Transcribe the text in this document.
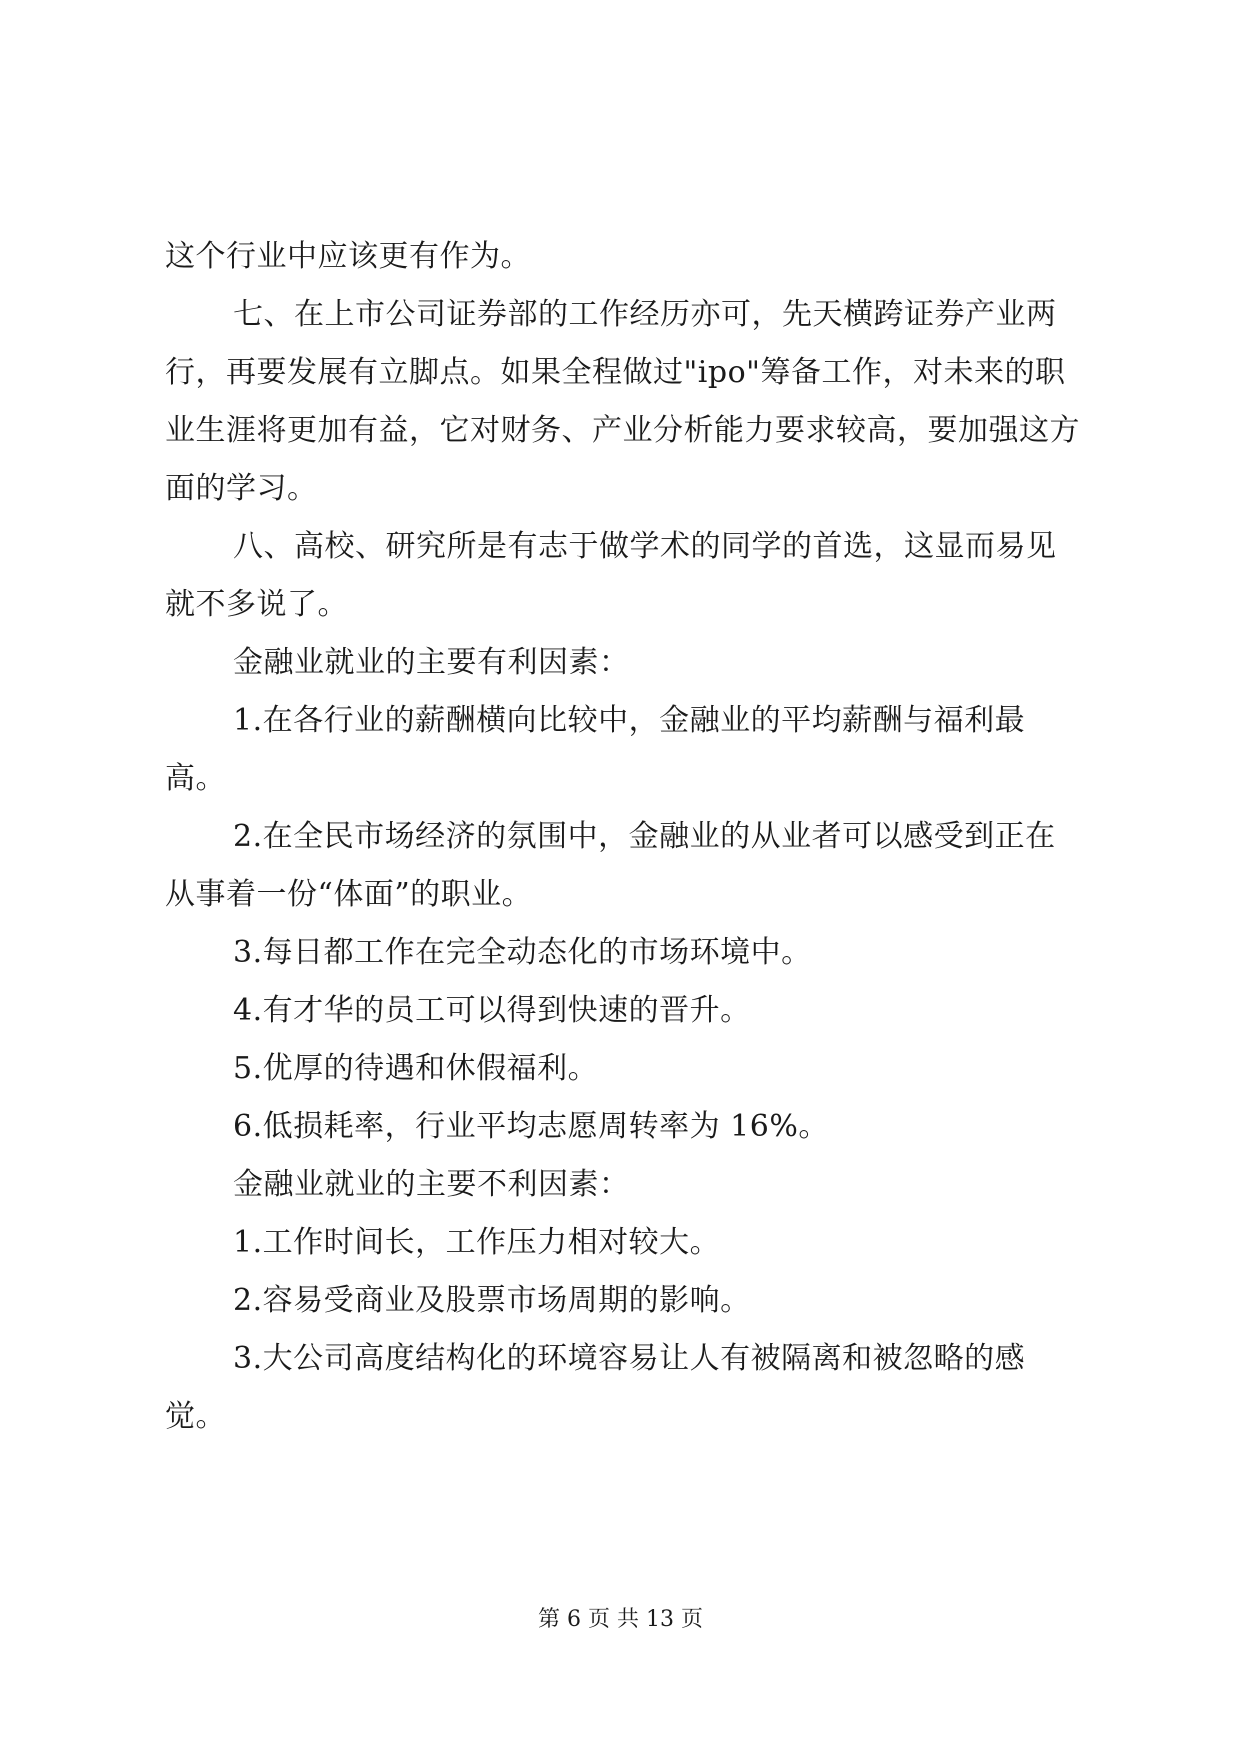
这个行业中应该更有作为。

七、在上市公司证券部的工作经历亦可，先天横跨证券产业两行，再要发展有立脚点。如果全程做过"ipo"筹备工作，对未来的职业生涯将更加有益，它对财务、产业分析能力要求较高，要加强这方面的学习。

八、高校、研究所是有志于做学术的同学的首选，这显而易见就不多说了。

金融业就业的主要有利因素：

1.在各行业的薪酬横向比较中，金融业的平均薪酬与福利最高。

2.在全民市场经济的氛围中，金融业的从业者可以感受到正在从事着一份“体面”的职业。

3.每日都工作在完全动态化的市场环境中。

4.有才华的员工可以得到快速的晋升。

5.优厚的待遇和休假福利。

6.低损耗率，行业平均志愿周转率为 16%。

金融业就业的主要不利因素：

1.工作时间长，工作压力相对较大。

2.容易受商业及股票市场周期的影响。

3.大公司高度结构化的环境容易让人有被隔离和被忽略的感觉。

第 6 页 共 13 页
